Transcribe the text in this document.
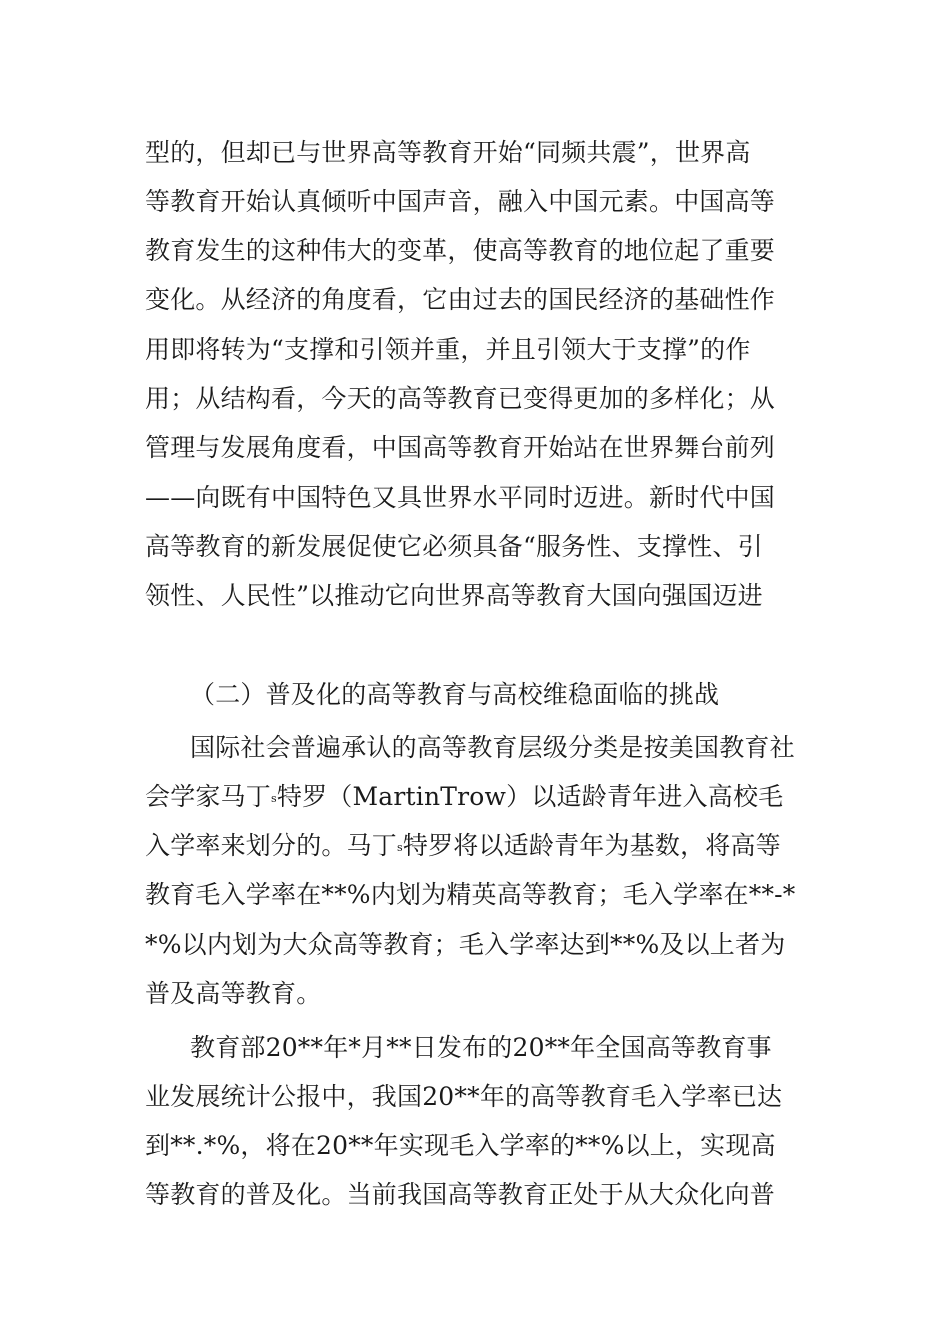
型的，但却已与世界高等教育开始“同频共震”，世界高
等教育开始认真倾听中国声音，融入中国元素。中国高等
教育发生的这种伟大的变革，使高等教育的地位起了重要
变化。从经济的角度看，它由过去的国民经济的基础性作
用即将转为“支撑和引领并重，并且引领大于支撑”的作
用；从结构看，今天的高等教育已变得更加的多样化；从
管理与发展角度看，中国高等教育开始站在世界舞台前列
——向既有中国特色又具世界水平同时迈进。新时代中国
高等教育的新发展促使它必须具备“服务性、支撑性、引
领性、人民性”以推动它向世界高等教育大国向强国迈进
（二）普及化的高等教育与高校维稳面临的挑战
国际社会普遍承认的高等教育层级分类是按美国教育社
会学家马丁s特罗（MartinTrow）以适龄青年进入高校毛
入学率来划分的。马丁s特罗将以适龄青年为基数，将高等
教育毛入学率在**%内划为精英高等教育；毛入学率在**-*
*%以内划为大众高等教育；毛入学率达到**%及以上者为
普及高等教育。
教育部20**年*月**日发布的20**年全国高等教育事
业发展统计公报中，我国20**年的高等教育毛入学率已达
到**.*%，将在20**年实现毛入学率的**%以上，实现高
等教育的普及化。当前我国高等教育正处于从大众化向普
